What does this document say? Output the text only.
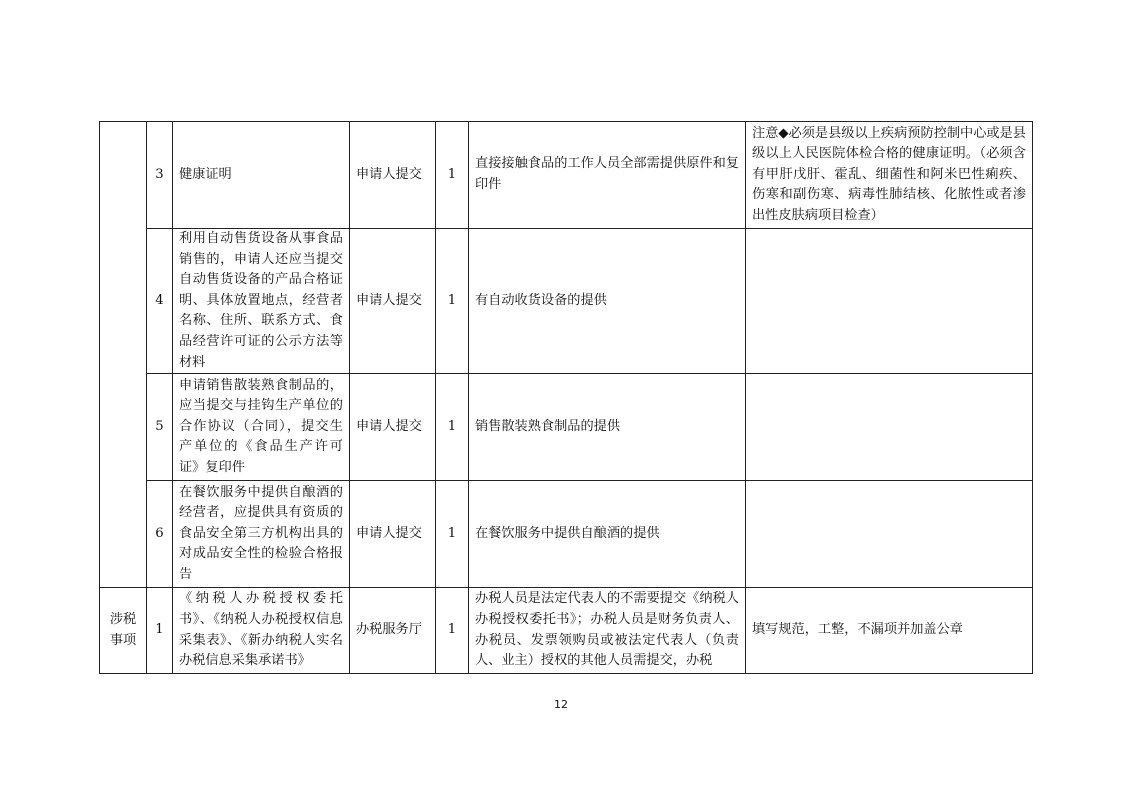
	3	健康证明	申请人提交	1	直接接触食品的工作人员全部需提供原件和复印件	注意◆必须是县级以上疾病预防控制中心或是县级以上人民医院体检合格的健康证明。（必须含有甲肝戊肝、霍乱、细菌性和阿米巴性痢疾、伤寒和副伤寒、病毒性肺结核、化脓性或者渗出性皮肤病项目检查）
	4	利用自动售货设备从事食品销售的，申请人还应当提交自动售货设备的产品合格证明、具体放置地点，经营者名称、住所、联系方式、食品经营许可证的公示方法等材料	申请人提交	1	有自动收货设备的提供	
	5	申请销售散装熟食制品的，应当提交与挂钩生产单位的合作协议（合同），提交生产单位的《食品生产许可证》复印件	申请人提交	1	销售散装熟食制品的提供	
	6	在餐饮服务中提供自酿酒的经营者，应提供具有资质的食品安全第三方机构出具的对成品安全性的检验合格报告	申请人提交	1	在餐饮服务中提供自酿酒的提供	
涉税事项	1	《纳税人办税授权委托书》、《纳税人办税授权信息采集表》、《新办纳税人实名办税信息采集承诺书》	办税服务厅	1	办税人员是法定代表人的不需要提交《纳税人办税授权委托书》；办税人员是财务负责人、办税员、发票领购员或被法定代表人（负责人、业主）授权的其他人员需提交，办税	填写规范，工整，不漏项并加盖公章
12
